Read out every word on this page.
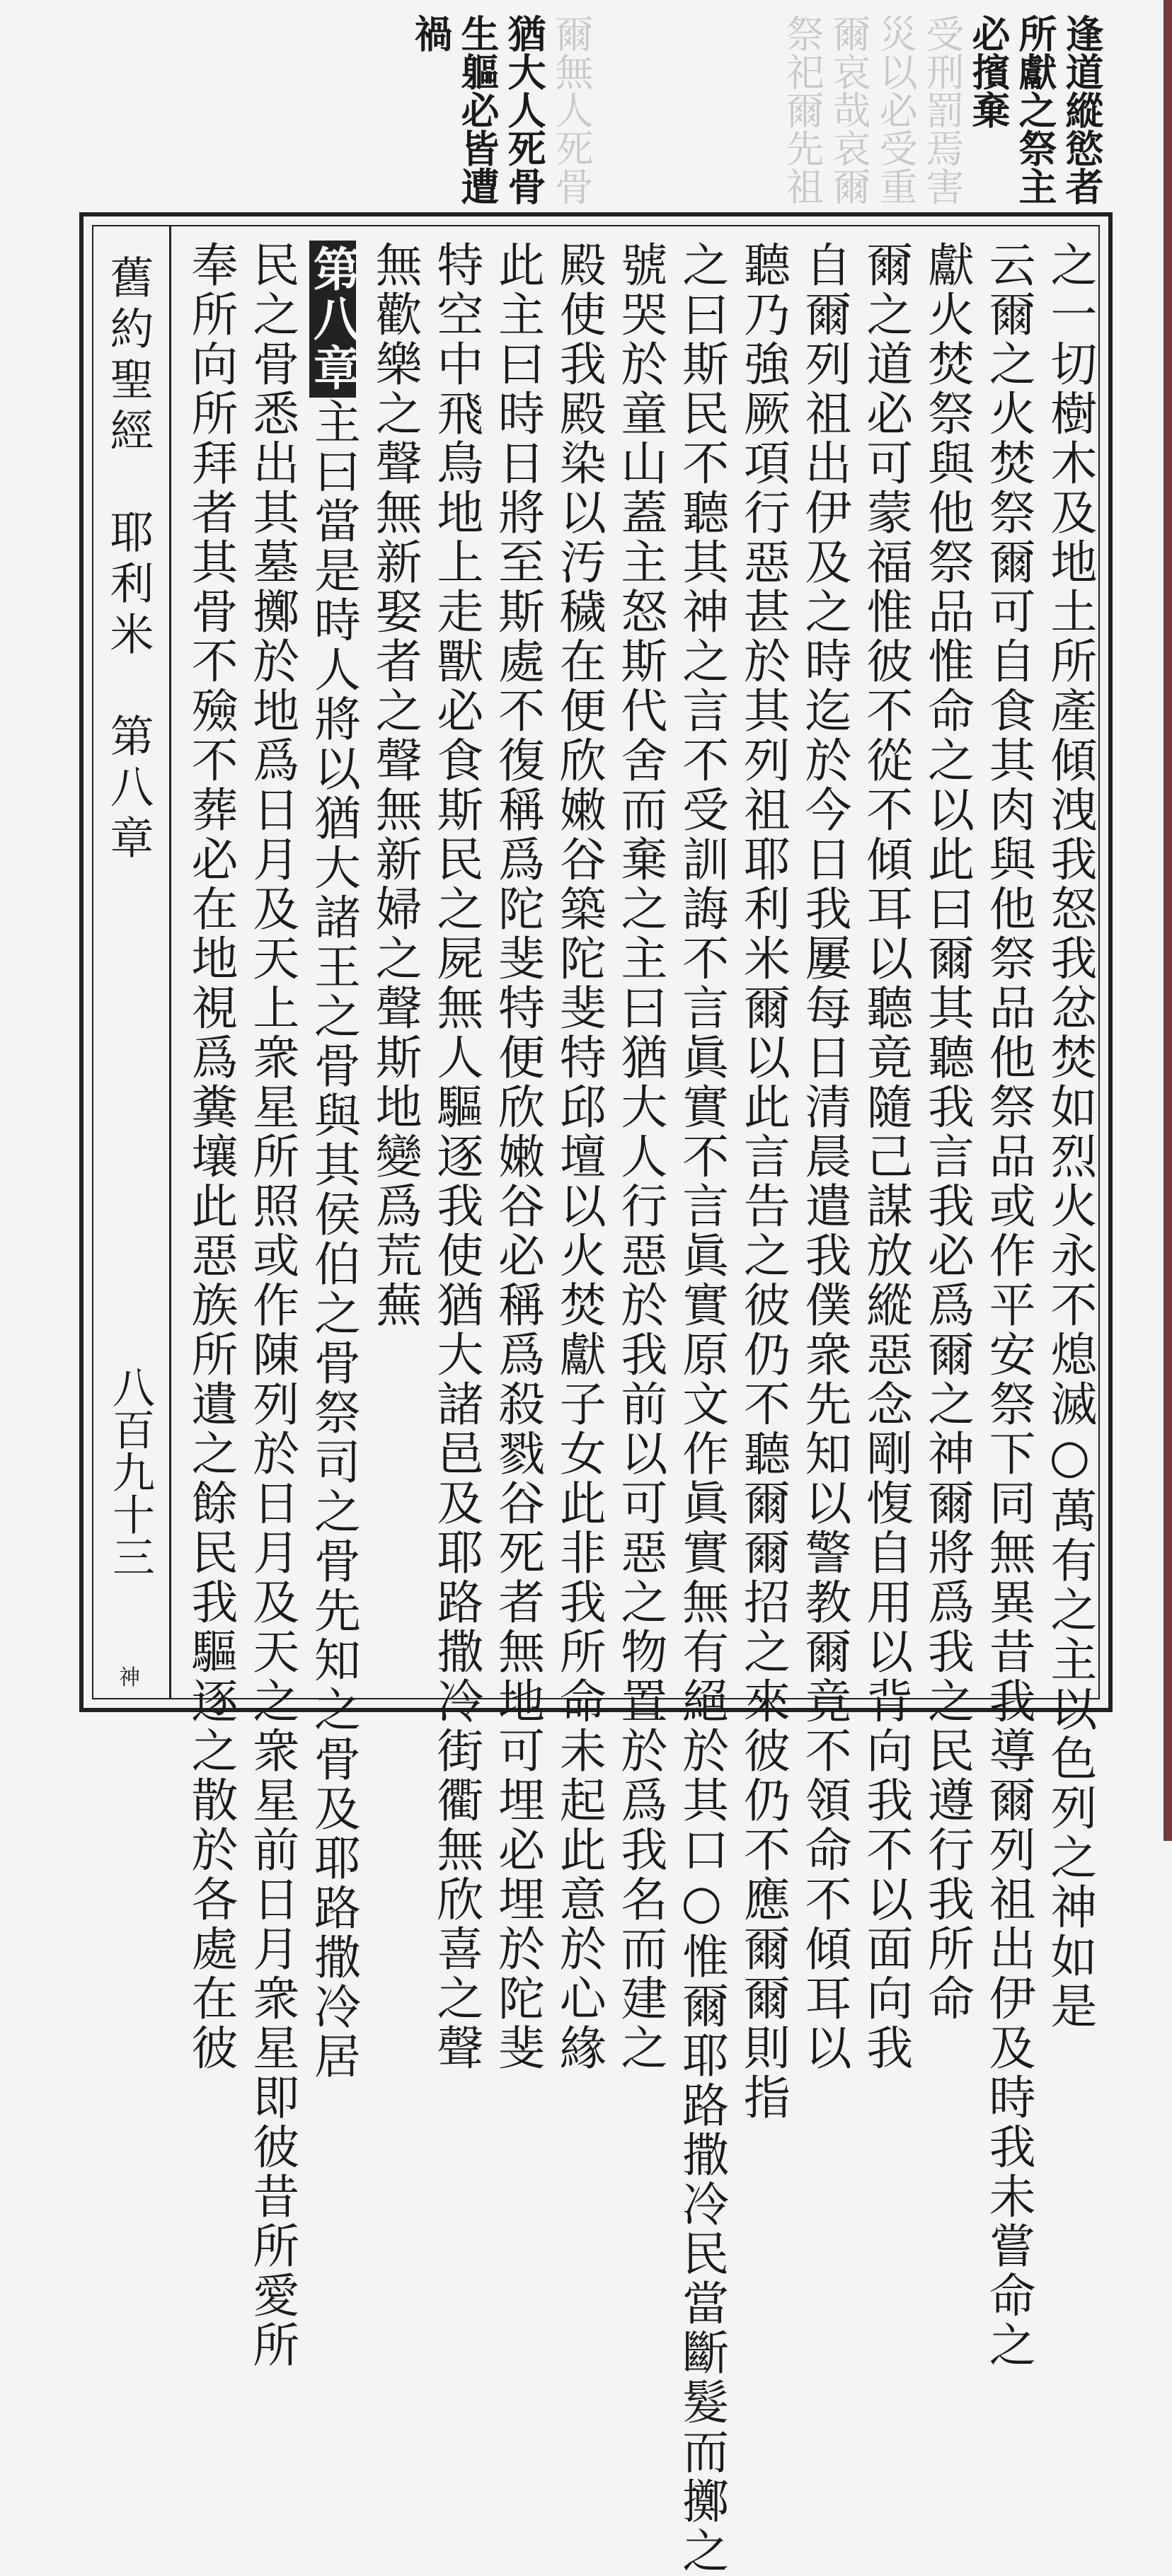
逢道縱慾者
所獻之祭主
必擯棄
受刑罰焉害
災以必受重
爾哀哉哀爾
祭祀爾先祖
爾無人死骨
猶大人死骨
生軀必皆遭
禍
舊約聖經　耶利米　第八章
八百九十三
神	之一切樹木及地土所產傾洩我怒我忿焚如烈火永不熄滅○萬有之主以色列之神如是
云爾之火焚祭爾可自食其肉與他祭品他祭品或作平安祭下同無異昔我導爾列祖出伊及時我未嘗命之
獻火焚祭與他祭品惟命之以此曰爾其聽我言我必爲爾之神爾將爲我之民遵行我所命
爾之道必可蒙福惟彼不從不傾耳以聽竟隨己謀放縱惡念剛愎自用以背向我不以面向我
自爾列祖出伊及之時迄於今日我屢每日清晨遣我僕衆先知以警教爾竟不領命不傾耳以
聽乃強厥項行惡甚於其列祖耶利米爾以此言告之彼仍不聽爾爾招之來彼仍不應爾爾則指
之曰斯民不聽其神之言不受訓誨不言眞實不言眞實原文作眞實無有絕於其口○惟爾耶路撒冷民當斷髮而擲之
號哭於童山蓋主怒斯代舍而棄之主曰猶大人行惡於我前以可惡之物置於爲我名而建之
殿使我殿染以汚穢在便欣嫩谷築陀斐特邱壇以火焚獻子女此非我所命未起此意於心緣
此主曰時日將至斯處不復稱爲陀斐特便欣嫩谷必稱爲殺戮谷死者無地可埋必埋於陀斐
特空中飛鳥地上走獸必食斯民之屍無人驅逐我使猶大諸邑及耶路撒冷街衢無欣喜之聲
無歡樂之聲無新娶者之聲無新婦之聲斯地變爲荒蕪
第八章主曰當是時人將以猶大諸王之骨與其侯伯之骨祭司之骨先知之骨及耶路撒冷居
民之骨悉出其墓擲於地爲日月及天上衆星所照或作陳列於日月及天之衆星前日月衆星即彼昔所愛所
奉所向所拜者其骨不殮不葬必在地視爲糞壤此惡族所遺之餘民我驅逐之散於各處在彼
